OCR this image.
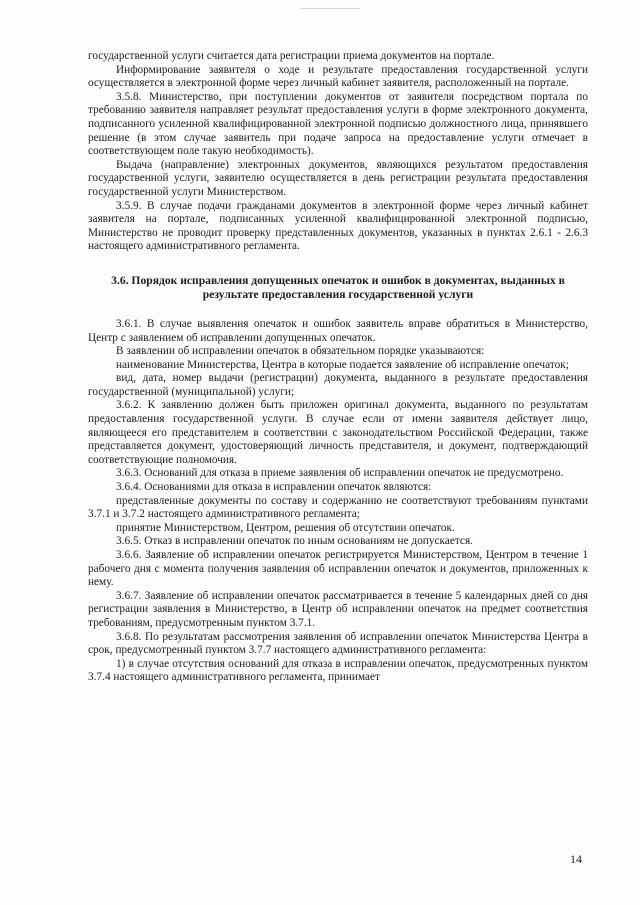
государственной услуги считается дата регистрации приема документов на портале.

Информирование заявителя о ходе и результате предоставления государственной услуги осуществляется в электронной форме через личный кабинет заявителя, расположенный на портале.

3.5.8. Министерство, при поступлении документов от заявителя посредством портала по требованию заявителя направляет результат предоставления услуги в форме электронного документа, подписанного усиленной квалифицированной электронной подписью должностного лица, принявшего решение (в этом случае заявитель при подаче запроса на предоставление услуги отмечает в соответствующем поле такую необходимость).

Выдача (направление) электронных документов, являющихся результатом предоставления государственной услуги, заявителю осуществляется в день регистрации результата предоставления государственной услуги Министерством.

3.5.9. В случае подачи гражданами документов в электронной форме через личный кабинет заявителя на портале, подписанных усиленной квалифицированной электронной подписью, Министерство не проводит проверку представленных документов, указанных в пунктах 2.6.1 - 2.6.3 настоящего административного регламента.

3.6. Порядок исправления допущенных опечаток и ошибок в документах, выданных в результате предоставления государственной услуги

3.6.1. В случае выявления опечаток и ошибок заявитель вправе обратиться в Министерство, Центр с заявлением об исправлении допущенных опечаток.

В заявлении об исправлении опечаток в обязательном порядке указываются:

наименование Министерства, Центра в которые подается заявление об исправление опечаток;

вид, дата, номер выдачи (регистрации) документа, выданного в результате предоставления государственной (муниципальной) услуги;

3.6.2. К заявлению должен быть приложен оригинал документа, выданного по результатам предоставления государственной услуги. В случае если от имени заявителя действует лицо, являющееся его представителем в соответствии с законодательством Российской Федерации, также представляется документ, удостоверяющий личность представителя, и документ, подтверждающий соответствующие полномочия.

3.6.3. Оснований для отказа в приеме заявления об исправлении опечаток не предусмотрено.

3.6.4. Основаниями для отказа в исправлении опечаток являются:

представленные документы по составу и содержанию не соответствуют требованиям пунктами 3.7.1 и 3.7.2 настоящего административного регламента;

принятие Министерством, Центром, решения об отсутствии опечаток.

3.6.5. Отказ в исправлении опечаток по иным основаниям не допускается.

3.6.6. Заявление об исправлении опечаток регистрируется Министерством, Центром в течение 1 рабочего дня с момента получения заявления об исправлении опечаток и документов, приложенных к нему.

3.6.7. Заявление об исправлении опечаток рассматривается в течение 5 календарных дней со дня регистрации заявления в Министерство, в Центр об исправлении опечаток на предмет соответствия требованиям, предусмотренным пунктом 3.7.1.

3.6.8. По результатам рассмотрения заявления об исправлении опечаток Министерства Центра в срок, предусмотренный пунктом 3.7.7 настоящего административного регламента:

1) в случае отсутствия оснований для отказа в исправлении опечаток, предусмотренных пунктом 3.7.4 настоящего административного регламента, принимает

14
